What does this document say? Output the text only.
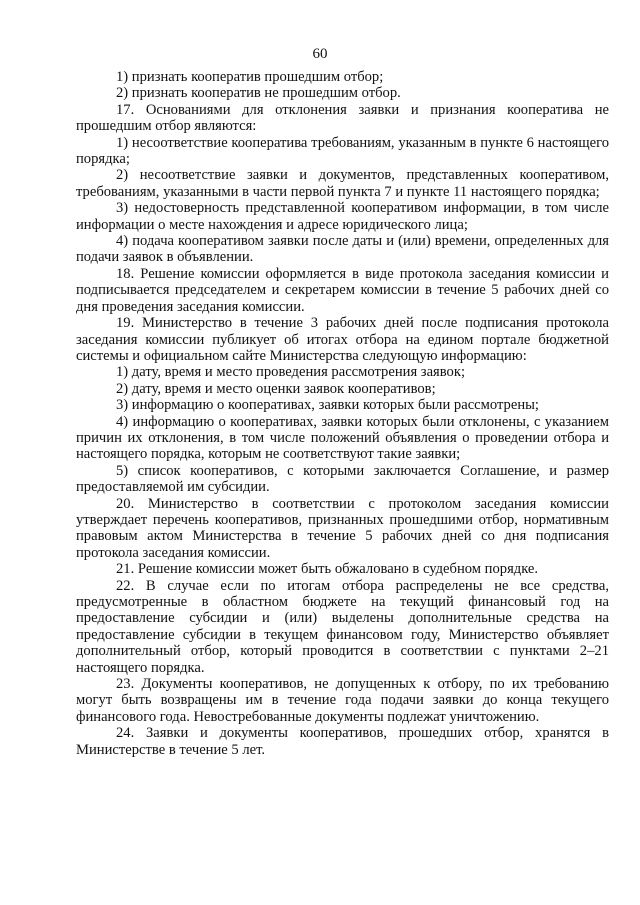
60

1) признать кооператив прошедшим отбор;

2) признать кооператив не прошедшим отбор.

17. Основаниями для отклонения заявки и признания кооператива не прошедшим отбор являются:

1) несоответствие кооператива требованиям, указанным в пункте 6 настоящего порядка;

2) несоответствие заявки и документов, представленных кооперативом, требованиям, указанными в части первой пункта 7 и пункте 11 настоящего порядка;

3) недостоверность представленной кооперативом информации, в том числе информации о месте нахождения и адресе юридического лица;

4) подача кооперативом заявки после даты и (или) времени, определенных для подачи заявок в объявлении.

18. Решение комиссии оформляется в виде протокола заседания комиссии и подписывается председателем и секретарем комиссии в течение 5 рабочих дней со дня проведения заседания комиссии.

19. Министерство в течение 3 рабочих дней после подписания протокола заседания комиссии публикует об итогах отбора на едином портале бюджетной системы и официальном сайте Министерства следующую информацию:

1) дату, время и место проведения рассмотрения заявок;

2) дату, время и место оценки заявок кооперативов;

3) информацию о кооперативах, заявки которых были рассмотрены;

4) информацию о кооперативах, заявки которых были отклонены, с указанием причин их отклонения, в том числе положений объявления о проведении отбора и настоящего порядка, которым не соответствуют такие заявки;

5) список кооперативов, с которыми заключается Соглашение, и размер предоставляемой им субсидии.

20. Министерство в соответствии с протоколом заседания комиссии утверждает перечень кооперативов, признанных прошедшими отбор, нормативным правовым актом Министерства в течение 5 рабочих дней со дня подписания протокола заседания комиссии.

21. Решение комиссии может быть обжаловано в судебном порядке.

22. В случае если по итогам отбора распределены не все средства, предусмотренные в областном бюджете на текущий финансовый год на предоставление субсидии и (или) выделены дополнительные средства на предоставление субсидии в текущем финансовом году, Министерство объявляет дополнительный отбор, который проводится в соответствии с пунктами 2–21 настоящего порядка.

23. Документы кооперативов, не допущенных к отбору, по их требованию могут быть возвращены им в течение года подачи заявки до конца текущего финансового года. Невостребованные документы подлежат уничтожению.

24. Заявки и документы кооперативов, прошедших отбор, хранятся в Министерстве в течение 5 лет.
